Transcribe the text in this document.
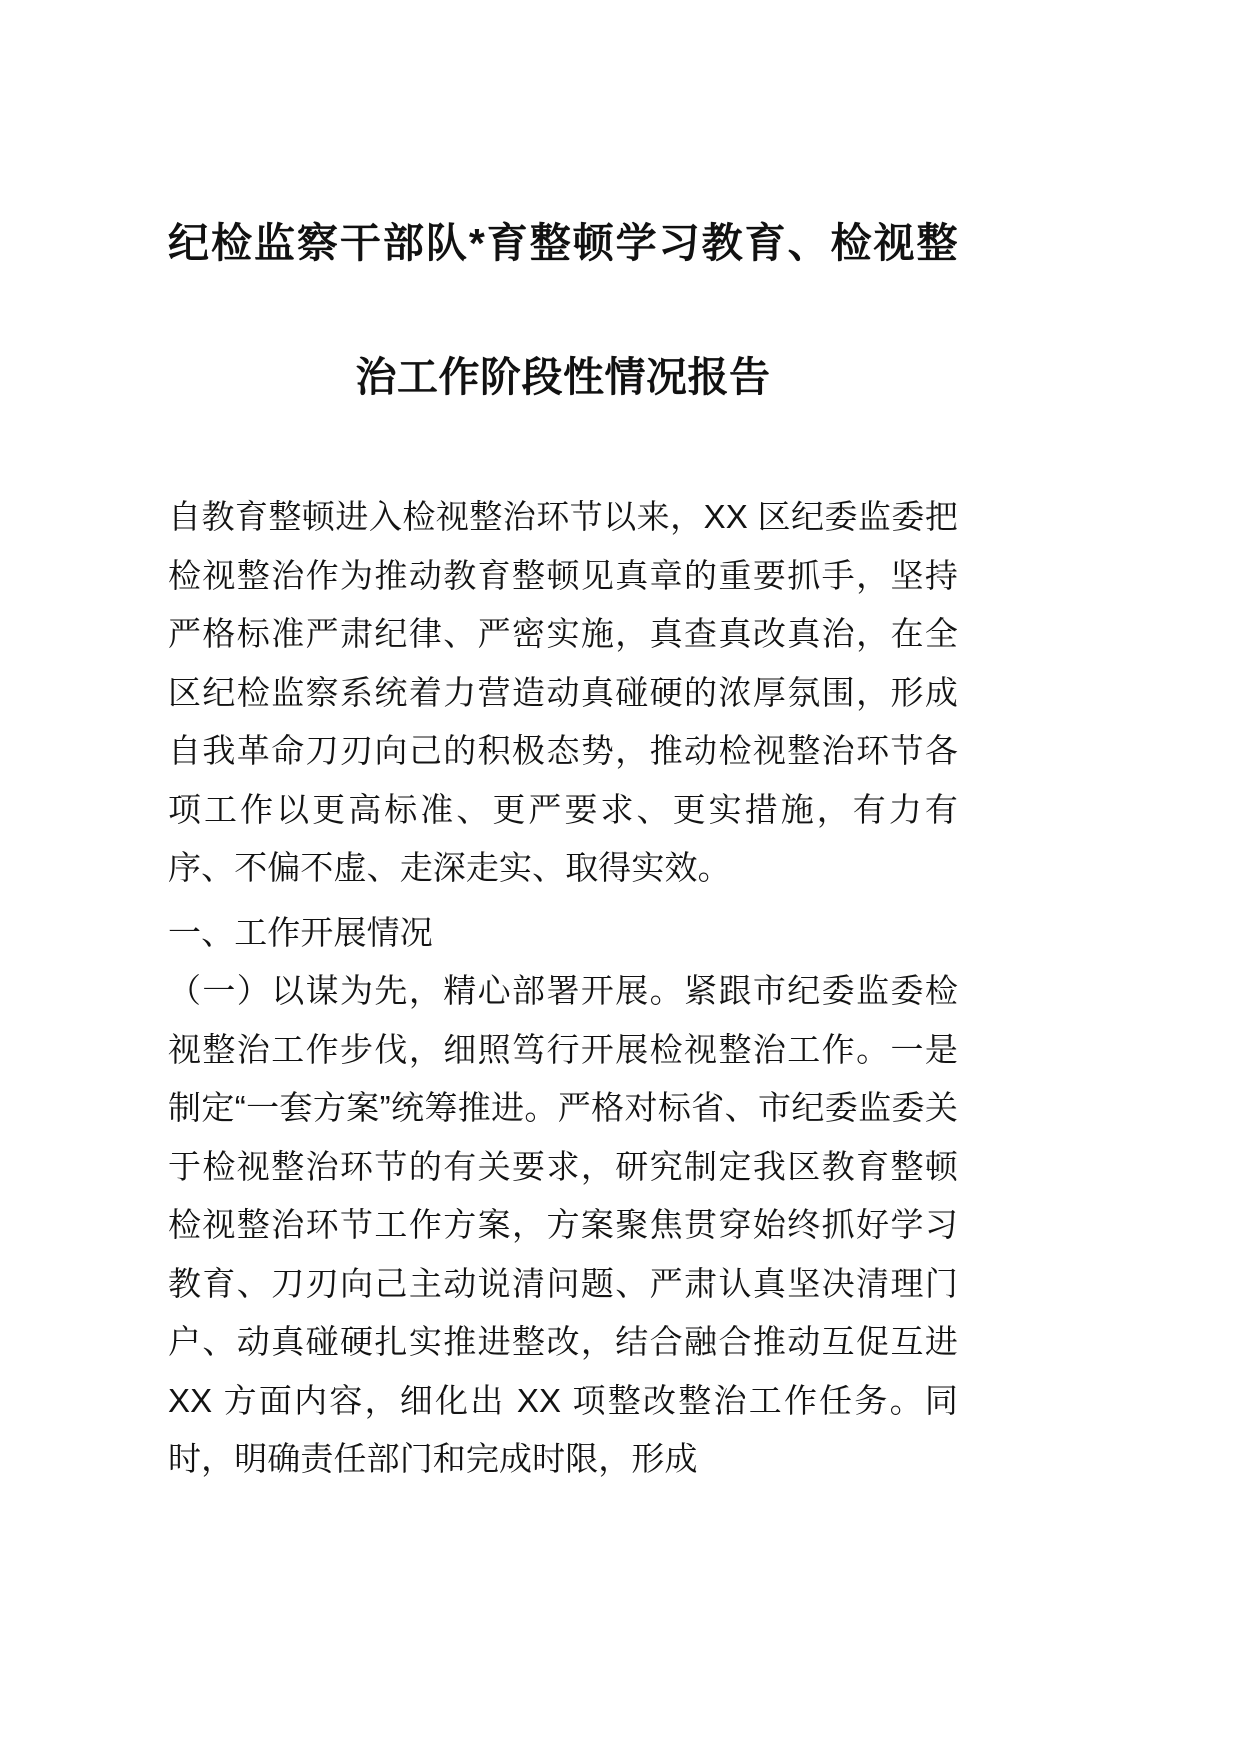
纪检监察干部队*育整顿学习教育、检视整治工作阶段性情况报告

自教育整顿进入检视整治环节以来，XX 区纪委监委把检视整治作为推动教育整顿见真章的重要抓手，坚持严格标准严肃纪律、严密实施，真查真改真治，在全区纪检监察系统着力营造动真碰硬的浓厚氛围，形成自我革命刀刃向己的积极态势，推动检视整治环节各项工作以更高标准、更严要求、更实措施，有力有序、不偏不虚、走深走实、取得实效。

一、工作开展情况

（一）以谋为先，精心部署开展。紧跟市纪委监委检视整治工作步伐，细照笃行开展检视整治工作。一是制定“一套方案”统筹推进。严格对标省、市纪委监委关于检视整治环节的有关要求，研究制定我区教育整顿检视整治环节工作方案，方案聚焦贯穿始终抓好学习教育、刀刃向己主动说清问题、严肃认真坚决清理门户、动真碰硬扎实推进整改，结合融合推动互促互进 XX 方面内容，细化出 XX 项整改整治工作任务。同时，明确责任部门和完成时限，形成
